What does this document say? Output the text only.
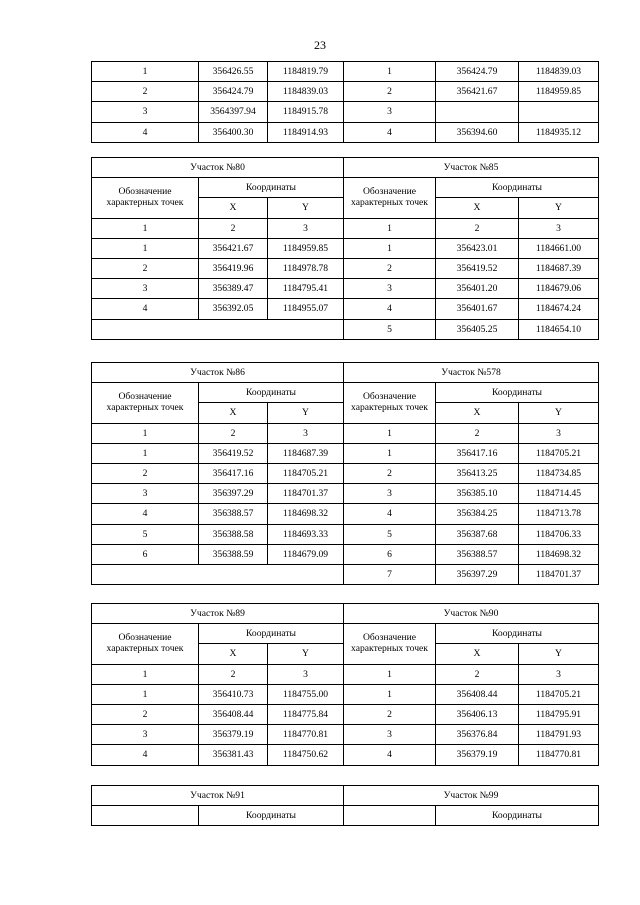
23
1	356426.55	1184819.79	1	356424.79	1184839.03
2	356424.79	1184839.03	2	356421.67	1184959.85
3	3564397.94	1184915.78	3		
4	356400.30	1184914.93	4	356394.60	1184935.12
Участок №80			Участок №85		
Обозначение характерных точек	Координаты		Обозначение характерных точек	Координаты	
	X	Y		X	Y
1	2	3	1	2	3
1	356421.67	1184959.85	1	356423.01	1184661.00
2	356419.96	1184978.78	2	356419.52	1184687.39
3	356389.47	1184795.41	3	356401.20	1184679.06
4	356392.05	1184955.07	4	356401.67	1184674.24
			5	356405.25	1184654.10
Участок №86			Участок №578		
Обозначение характерных точек	Координаты		Обозначение характерных точек	Координаты	
	X	Y		X	Y
1	2	3	1	2	3
1	356419.52	1184687.39	1	356417.16	1184705.21
2	356417.16	1184705.21	2	356413.25	1184734.85
3	356397.29	1184701.37	3	356385.10	1184714.45
4	356388.57	1184698.32	4	356384.25	1184713.78
5	356388.58	1184693.33	5	356387.68	1184706.33
6	356388.59	1184679.09	6	356388.57	1184698.32
			7	356397.29	1184701.37
Участок №89			Участок №90		
Обозначение характерных точек	Координаты		Обозначение характерных точек	Координаты	
	X	Y		X	Y
1	2	3	1	2	3
1	356410.73	1184755.00	1	356408.44	1184705.21
2	356408.44	1184775.84	2	356406.13	1184795.91
3	356379.19	1184770.81	3	356376.84	1184791.93
4	356381.43	1184750.62	4	356379.19	1184770.81
Участок №91		Участок №99	
	Координаты		Координаты
